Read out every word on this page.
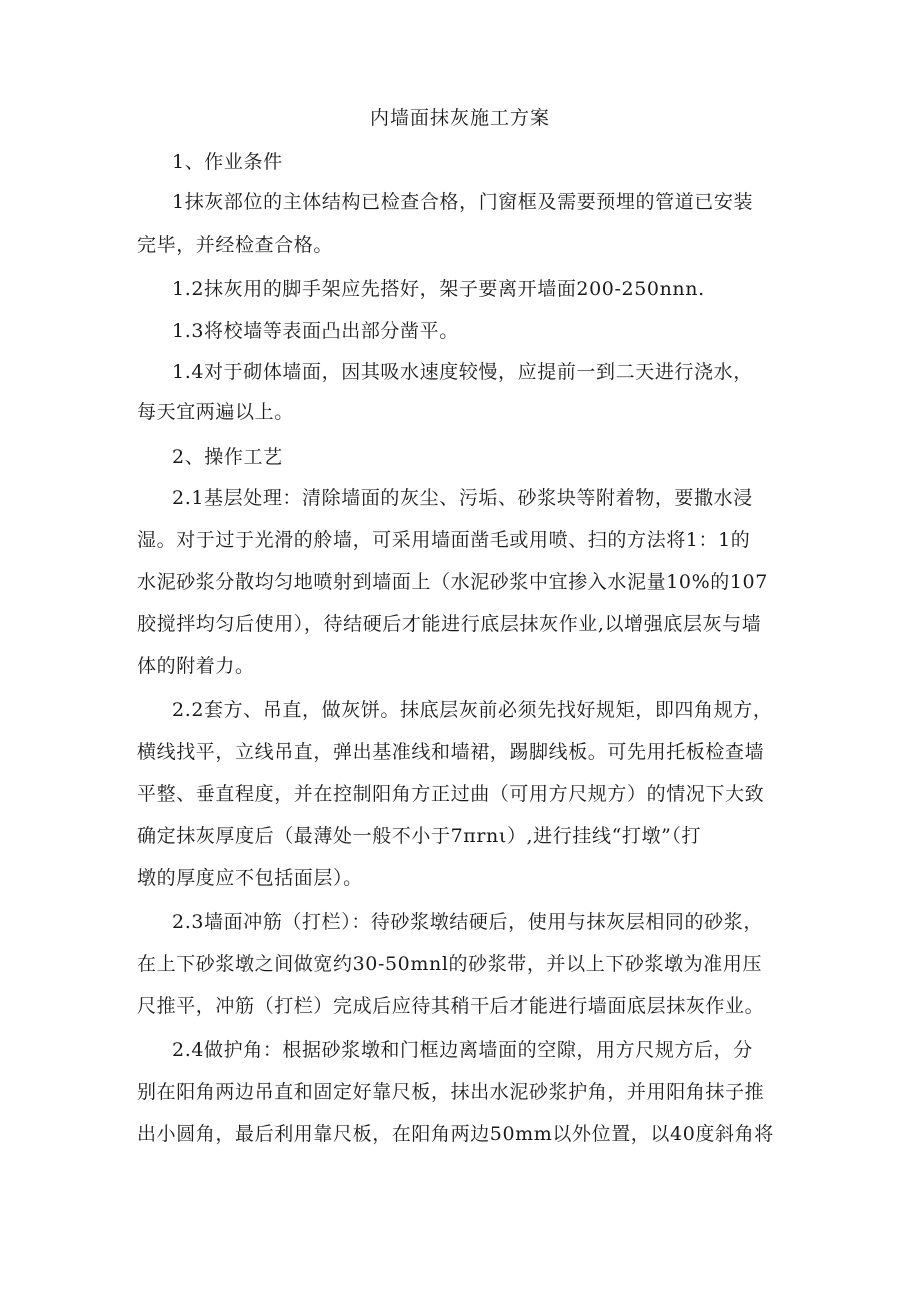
内墙面抹灰施工方案
1、作业条件
1抹灰部位的主体结构已检查合格，门窗框及需要预埋的管道已安装
完毕，并经检查合格。
1.2抹灰用的脚手架应先搭好，架子要离开墙面200-250nnn.
1.3将校墙等表面凸出部分凿平。
1.4对于砌体墙面，因其吸水速度较慢，应提前一到二天进行浇水，
每天宜两遍以上。
2、操作工艺
2.1基层处理：清除墙面的灰尘、污垢、砂浆块等附着物，要撒水浸
湿。对于过于光滑的舲墙，可采用墙面凿毛或用喷、扫的方法将1：1的
水泥砂浆分散均匀地喷射到墙面上（水泥砂浆中宜掺入水泥量10%的107
胶搅拌均匀后使用），待结硬后才能进行底层抹灰作业,以增强底层灰与墙
体的附着力。
2.2套方、吊直，做灰饼。抹底层灰前必须先找好规矩，即四角规方，
横线找平，立线吊直，弹出基准线和墙裙，踢脚线板。可先用托板检查墙
平整、垂直程度，并在控制阳角方正过曲（可用方尺规方）的情况下大致
确定抹灰厚度后（最薄处一般不小于7πrnι）,进行挂线“打墩”（打
墩的厚度应不包括面层）。
2.3墙面冲筋（打栏）：待砂浆墩结硬后，使用与抹灰层相同的砂浆，
在上下砂浆墩之间做宽约30-50mnl的砂浆带，并以上下砂浆墩为准用压
尺推平，冲筋（打栏）完成后应待其稍干后才能进行墙面底层抹灰作业。
2.4做护角：根据砂浆墩和门框边离墙面的空隙，用方尺规方后，分
别在阳角两边吊直和固定好靠尺板，抹出水泥砂浆护角，并用阳角抹子推
出小圆角，最后利用靠尺板，在阳角两边50mm以外位置，以40度斜角将
